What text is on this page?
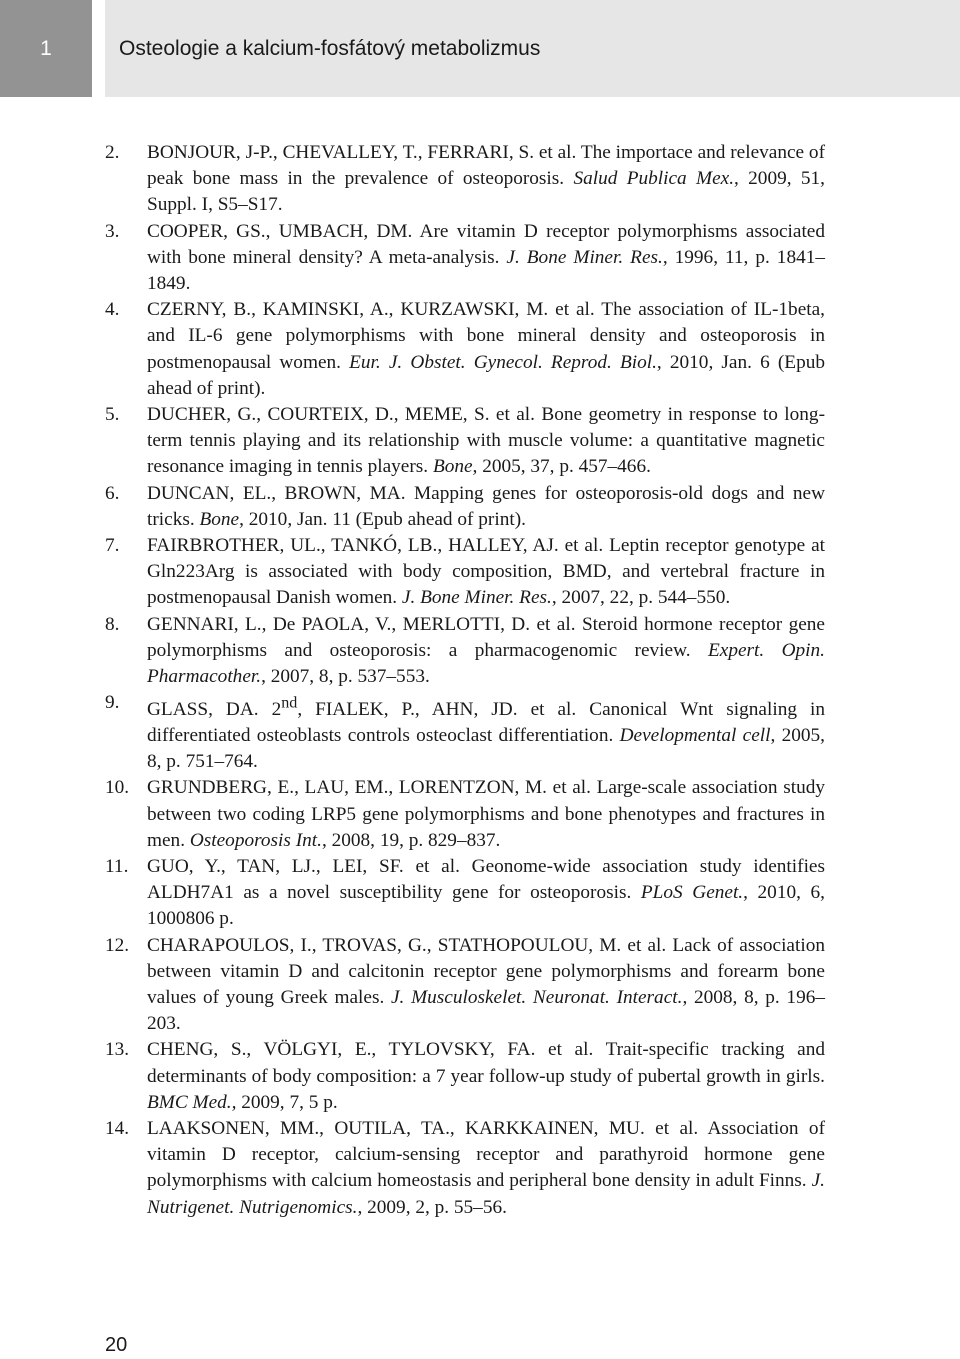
1	Osteologie a kalcium-fosfátový metabolizmus
2. BONJOUR, J-P., CHEVALLEY, T., FERRARI, S. et al. The importace and relevance of peak bone mass in the prevalence of osteoporosis. Salud Publica Mex., 2009, 51, Suppl. I, S5–S17.
3. COOPER, GS., UMBACH, DM. Are vitamin D receptor polymorphisms associated with bone mineral density? A meta-analysis. J. Bone Miner. Res., 1996, 11, p. 1841–1849.
4. CZERNY, B., KAMINSKI, A., KURZAWSKI, M. et al. The association of IL-1beta, and IL-6 gene polymorphisms with bone mineral density and osteoporosis in postmenopausal women. Eur. J. Obstet. Gynecol. Reprod. Biol., 2010, Jan. 6 (Epub ahead of print).
5. DUCHER, G., COURTEIX, D., MEME, S. et al. Bone geometry in response to long-term tennis playing and its relationship with muscle volume: a quantitative magnetic resonance imaging in tennis players. Bone, 2005, 37, p. 457–466.
6. DUNCAN, EL., BROWN, MA. Mapping genes for osteoporosis-old dogs and new tricks. Bone, 2010, Jan. 11 (Epub ahead of print).
7. FAIRBROTHER, UL., TANKÓ, LB., HALLEY, AJ. et al. Leptin receptor genotype at Gln223Arg is associated with body composition, BMD, and vertebral fracture in postmenopausal Danish women. J. Bone Miner. Res., 2007, 22, p. 544–550.
8. GENNARI, L., De PAOLA, V., MERLOTTI, D. et al. Steroid hormone receptor gene polymorphisms and osteoporosis: a pharmacogenomic review. Expert. Opin. Pharmacother., 2007, 8, p. 537–553.
9. GLASS, DA. 2nd, FIALEK, P., AHN, JD. et al. Canonical Wnt signaling in differentiated osteoblasts controls osteoclast differentiation. Developmental cell, 2005, 8, p. 751–764.
10. GRUNDBERG, E., LAU, EM., LORENTZON, M. et al. Large-scale association study between two coding LRP5 gene polymorphisms and bone phenotypes and fractures in men. Osteoporosis Int., 2008, 19, p. 829–837.
11. GUO, Y., TAN, LJ., LEI, SF. et al. Geonome-wide association study identifies ALDH7A1 as a novel susceptibility gene for osteoporosis. PLoS Genet., 2010, 6, 1000806 p.
12. CHARAPOULOS, I., TROVAS, G., STATHOPOULOU, M. et al. Lack of association between vitamin D and calcitonin receptor gene polymorphisms and forearm bone values of young Greek males. J. Musculoskelet. Neuronat. Interact., 2008, 8, p. 196–203.
13. CHENG, S., VÖLGYI, E., TYLOVSKY, FA. et al. Trait-specific tracking and determinants of body composition: a 7 year follow-up study of pubertal growth in girls. BMC Med., 2009, 7, 5 p.
14. LAAKSONEN, MM., OUTILA, TA., KARKKAINEN, MU. et al. Association of vitamin D receptor, calcium-sensing receptor and parathyroid hormone gene polymorphisms with calcium homeostasis and peripheral bone density in adult Finns. J. Nutrigenet. Nutrigenomics., 2009, 2, p. 55–56.
20
